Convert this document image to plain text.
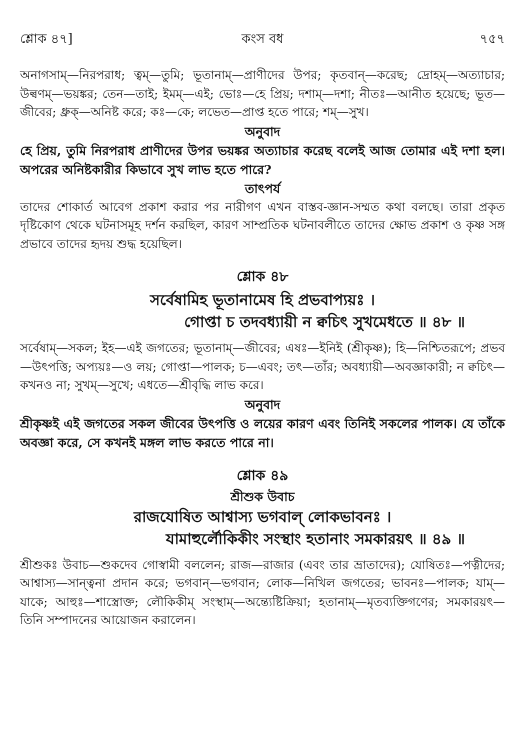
শ্লোক ৪৭]	কংস বধ	৭৫৭

অনাগসাম্—নিরপরাধ; ত্বম্—তুমি; ভূতানাম্—প্রাণীদের উপর; কৃতবান্—করেছ; দ্রোহম্—অত্যাচার; উল্বণম্—ভয়ঙ্কর; তেন—তাই; ইমম্—এই; ভোঃ—হে প্রিয়; দশাম্—দশা; নীতঃ—আনীত হয়েছে; ভূত—জীবের; ধ্রুক্—অনিষ্ট করে; কঃ—কে; লভেত—প্রাপ্ত হতে পারে; শম্—সুখ।

অনুবাদ

হে প্রিয়, তুমি নিরপরাধ প্রাণীদের উপর ভয়ঙ্কর অত্যাচার করেছ বলেই আজ তোমার এই দশা হল। অপরের অনিষ্টকারীর কিভাবে সুখ লাভ হতে পারে?

তাৎপর্য

তাদের শোকার্ত আবেগ প্রকাশ করার পর নারীগণ এখন বাস্তব-জ্ঞান-সম্মত কথা বলছে। তারা প্রকৃত দৃষ্টিকোণ থেকে ঘটনাসমূহ দর্শন করছিল, কারণ সাম্প্রতিক ঘটনাবলীতে তাদের ক্ষোভ প্রকাশ ও কৃষ্ণ সঙ্গ প্রভাবে তাদের হৃদয় শুদ্ধ হয়েছিল।

শ্লোক ৪৮

সর্বেষামিহ ভূতানামেষ হি প্রভবাপ্যয়ঃ ।

গোপ্তা চ তদবধ্যায়ী ন ক্বচিৎ সুখমেধতে ॥ ৪৮ ॥

সর্বেষাম্—সকল; ইহ—এই জগতের; ভূতানাম্—জীবের; এষঃ—ইনিই (শ্রীকৃষ্ণ); হি—নিশ্চিতরূপে; প্রভব—উৎপত্তি; অপ্যয়ঃ—ও লয়; গোপ্তা—পালক; চ—এবং; তৎ—তাঁর; অবধ্যায়ী—অবজ্ঞাকারী; ন ক্বচিৎ—কখনও না; সুখম্—সুখে; এধতে—শ্রীবৃদ্ধি লাভ করে।

অনুবাদ

শ্রীকৃষ্ণই এই জগতের সকল জীবের উৎপত্তি ও লয়ের কারণ এবং তিনিই সকলের পালক। যে তাঁকে অবজ্ঞা করে, সে কখনই মঙ্গল লাভ করতে পারে না।

শ্লোক ৪৯

শ্রীশুক উবাচ

রাজযোষিত আশ্বাস্য ভগবাল্ লোকভাবনঃ ।

যামাহুর্লৌকিকীং সংস্থাং হতানাং সমকারয়ৎ ॥ ৪৯ ॥

শ্রীশুকঃ উবাচ—শুকদেব গোস্বামী বললেন; রাজ—রাজার (এবং তার ভ্রাতাদের); যোষিতঃ—পত্নীদের; আশ্বাস্য—সান্ত্বনা প্রদান করে; ভগবান্—ভগবান; লোক—নিখিল জগতের; ভাবনঃ—পালক; যাম্—যাকে; আহুঃ—শাস্ত্রোক্ত; লৌকিকীম্ সংস্থাম্—অন্ত্যেষ্টিক্রিয়া; হতানাম্—মৃতব্যক্তিগণের; সমকারয়ৎ—তিনি সম্পাদনের আয়োজন করালেন।
